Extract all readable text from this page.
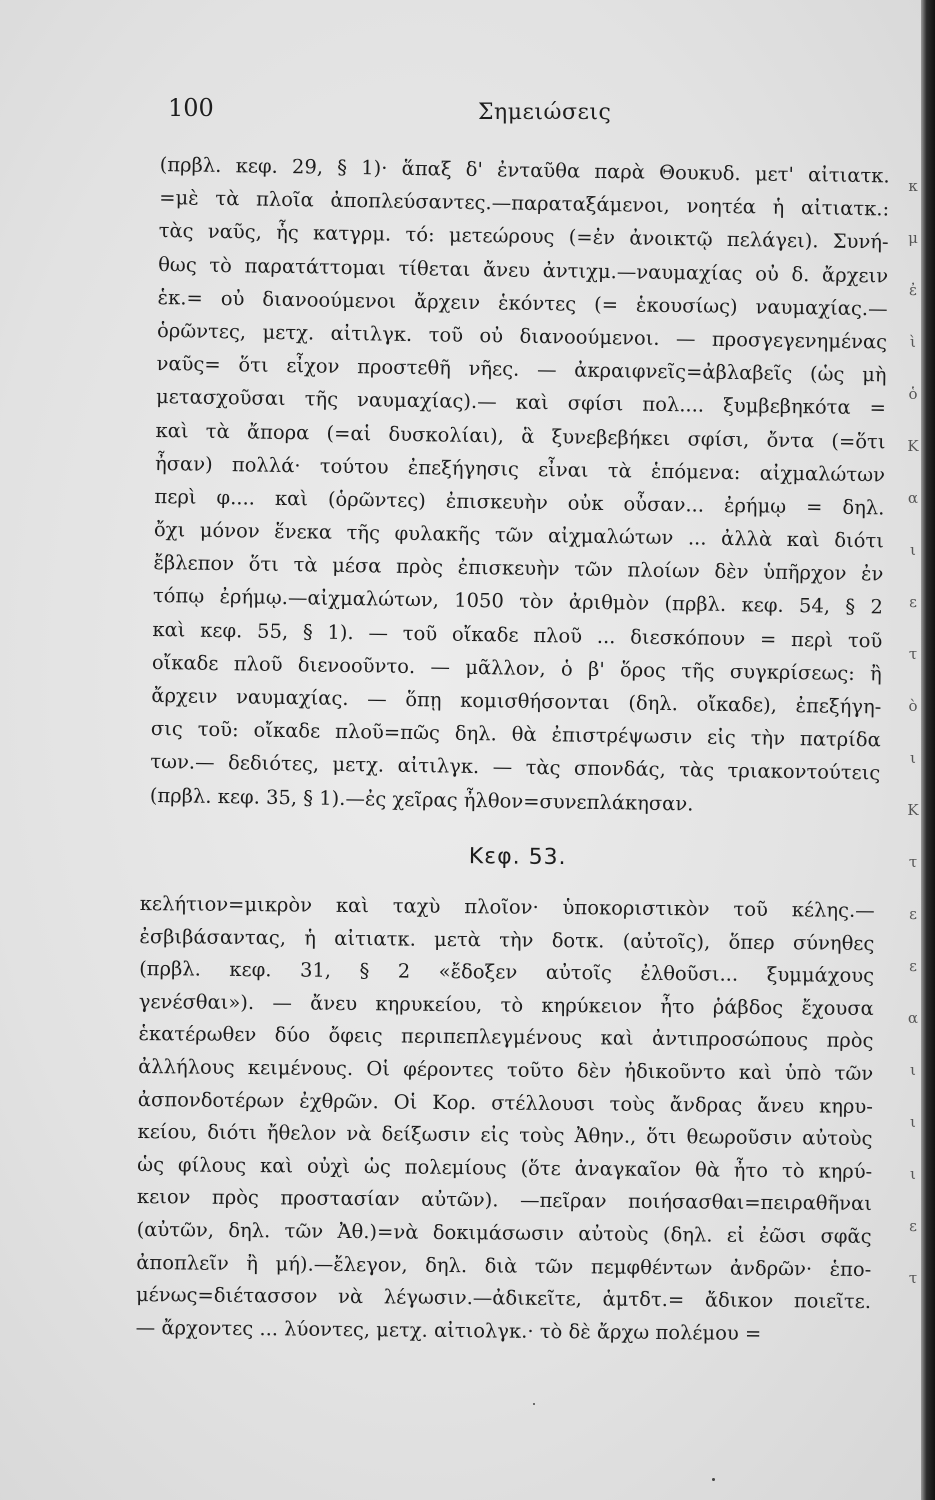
κ
μ
ἐ
ὶ
ὁ
Κ
α
ι
ε
τ
ὸ
ι
Κ
τ
ε
ε
α
ι
ι
ι
ε
τ
100	Σημειώσεις
(πρβλ. κεφ. 29, § 1)· ἅπαξ δ' ἐνταῦθα παρὰ Θουκυδ. μετ' αἰτιατκ.
=μὲ τὰ πλοῖα ἀποπλεύσαντες.—παραταξάμενοι, νοητέα ἡ αἰτιατκ.:
τὰς ναῦς, ἧς κατγρμ. τό: μετεώρους (=ἐν ἀνοικτῷ πελάγει). Συνή-
θως τὸ παρατάττομαι τίθεται ἄνευ ἀντιχμ.—ναυμαχίας οὐ δ. ἄρχειν
ἑκ.= οὐ διανοούμενοι ἄρχειν ἑκόντες (= ἑκουσίως) ναυμαχίας.—
ὁρῶντες, μετχ. αἰτιλγκ. τοῦ οὐ διανοούμενοι. — προσγεγενημένας
ναῦς= ὅτι εἶχον προστεθῆ νῆες. — ἀκραιφνεῖς=ἀβλαβεῖς (ὡς μὴ
μετασχοῦσαι τῆς ναυμαχίας).— καὶ σφίσι πολ.... ξυμβεβηκότα =
καὶ τὰ ἄπορα (=αἱ δυσκολίαι), ἃ ξυνεβεβήκει σφίσι, ὄντα (=ὅτι
ἦσαν) πολλά· τούτου ἐπεξήγησις εἶναι τὰ ἑπόμενα: αἰχμαλώτων
περὶ φ.... καὶ (ὁρῶντες) ἐπισκευὴν οὐκ οὖσαν... ἐρήμῳ = δηλ.
ὄχι μόνον ἕνεκα τῆς φυλακῆς τῶν αἰχμαλώτων ... ἀλλὰ καὶ διότι
ἔβλεπον ὅτι τὰ μέσα πρὸς ἐπισκευὴν τῶν πλοίων δὲν ὑπῆρχον ἐν
τόπῳ ἐρήμῳ.—αἰχμαλώτων, 1050 τὸν ἀριθμὸν (πρβλ. κεφ. 54, § 2
καὶ κεφ. 55, § 1). — τοῦ οἴκαδε πλοῦ ... διεσκόπουν = περὶ τοῦ
οἴκαδε πλοῦ διενοοῦντο. — μᾶλλον, ὁ β' ὅρος τῆς συγκρίσεως: ἢ
ἄρχειν ναυμαχίας. — ὅπῃ κομισθήσονται (δηλ. οἴκαδε), ἐπεξήγη-
σις τοῦ: οἴκαδε πλοῦ=πῶς δηλ. θὰ ἐπιστρέψωσιν εἰς τὴν πατρίδα
των.— δεδιότες, μετχ. αἰτιλγκ. — τὰς σπονδάς, τὰς τριακοντούτεις
(πρβλ. κεφ. 35, § 1).—ἐς χεῖρας ἦλθον=συνεπλάκησαν.
Κεφ. 53.
κελήτιον=μικρὸν καὶ ταχὺ πλοῖον· ὑποκοριστικὸν τοῦ κέλης.—
ἐσβιβάσαντας, ἡ αἰτιατκ. μετὰ τὴν δοτκ. (αὐτοῖς), ὅπερ σύνηθες
(πρβλ. κεφ. 31, § 2 «ἔδοξεν αὐτοῖς ἐλθοῦσι... ξυμμάχους
γενέσθαι»). — ἄνευ κηρυκείου, τὸ κηρύκειον ἦτο ῥάβδος ἔχουσα
ἑκατέρωθεν δύο ὄφεις περιπεπλεγμένους καὶ ἀντιπροσώπους πρὸς
ἀλλήλους κειμένους. Οἱ φέροντες τοῦτο δὲν ἠδικοῦντο καὶ ὑπὸ τῶν
ἀσπονδοτέρων ἐχθρῶν. Οἱ Κορ. στέλλουσι τοὺς ἄνδρας ἄνευ κηρυ-
κείου, διότι ἤθελον νὰ δείξωσιν εἰς τοὺς Ἀθην., ὅτι θεωροῦσιν αὐτοὺς
ὡς φίλους καὶ οὐχὶ ὡς πολεμίους (ὅτε ἀναγκαῖον θὰ ἦτο τὸ κηρύ-
κειον πρὸς προστασίαν αὐτῶν). —πεῖραν ποιήσασθαι=πειραθῆναι
(αὐτῶν, δηλ. τῶν Ἀθ.)=νὰ δοκιμάσωσιν αὐτοὺς (δηλ. εἰ ἐῶσι σφᾶς
ἀποπλεῖν ἢ μή).—ἔλεγον, δηλ. διὰ τῶν πεμφθέντων ἀνδρῶν· ἑπο-
μένως=διέτασσον νὰ λέγωσιν.—ἀδικεῖτε, ἁμτδτ.= ἄδικον ποιεῖτε.
— ἄρχοντες ... λύοντες, μετχ. αἰτιολγκ.· τὸ δὲ ἄρχω πολέμου =
